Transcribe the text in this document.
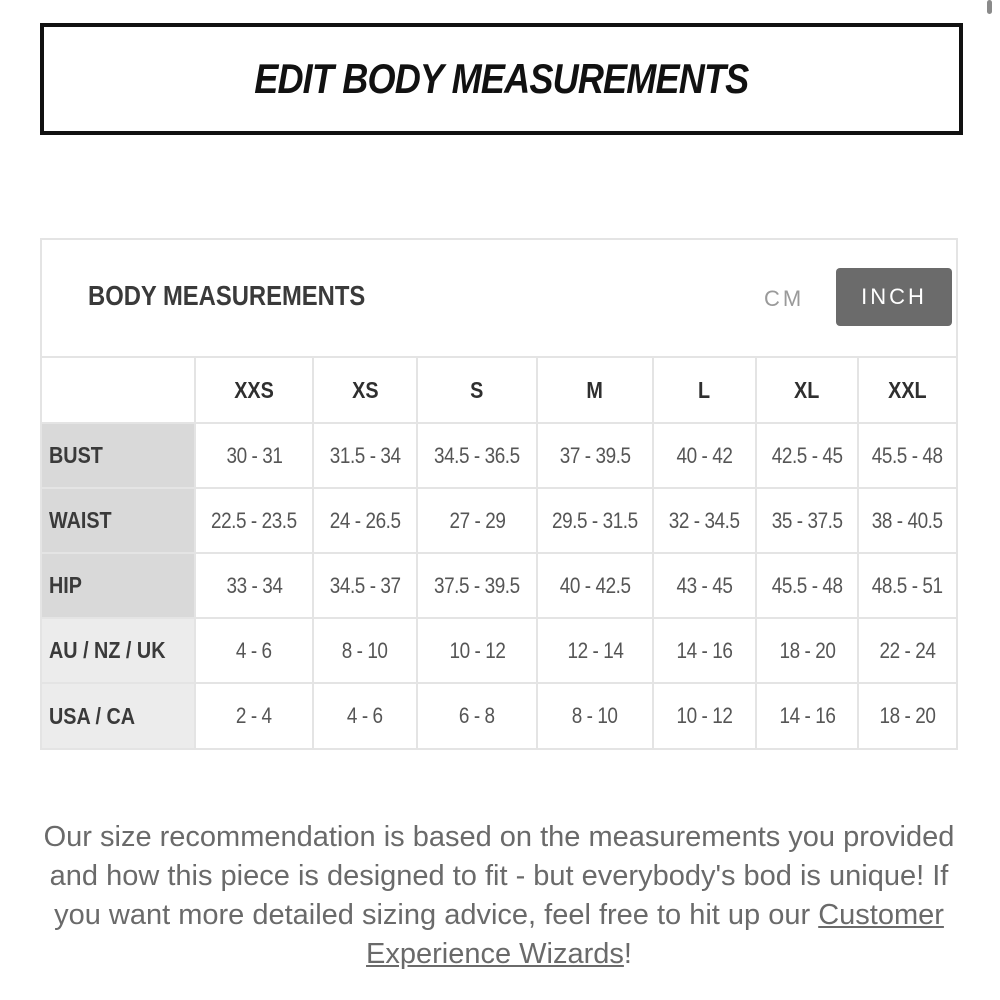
EDIT BODY MEASUREMENTS
BODY MEASUREMENTS	CM	INCH
	XXS	XS	S	M	L	XL	XXL
BUST	30 - 31	31.5 - 34	34.5 - 36.5	37 - 39.5	40 - 42	42.5 - 45	45.5 - 48
WAIST	22.5 - 23.5	24 - 26.5	27 - 29	29.5 - 31.5	32 - 34.5	35 - 37.5	38 - 40.5
HIP	33 - 34	34.5 - 37	37.5 - 39.5	40 - 42.5	43 - 45	45.5 - 48	48.5 - 51
AU / NZ / UK	4 - 6	8 - 10	10 - 12	12 - 14	14 - 16	18 - 20	22 - 24
USA / CA	2 - 4	4 - 6	6 - 8	8 - 10	10 - 12	14 - 16	18 - 20
Our size recommendation is based on the measurements you provided and how this piece is designed to fit - but everybody's bod is unique! If you want more detailed sizing advice, feel free to hit up our Customer Experience Wizards!
